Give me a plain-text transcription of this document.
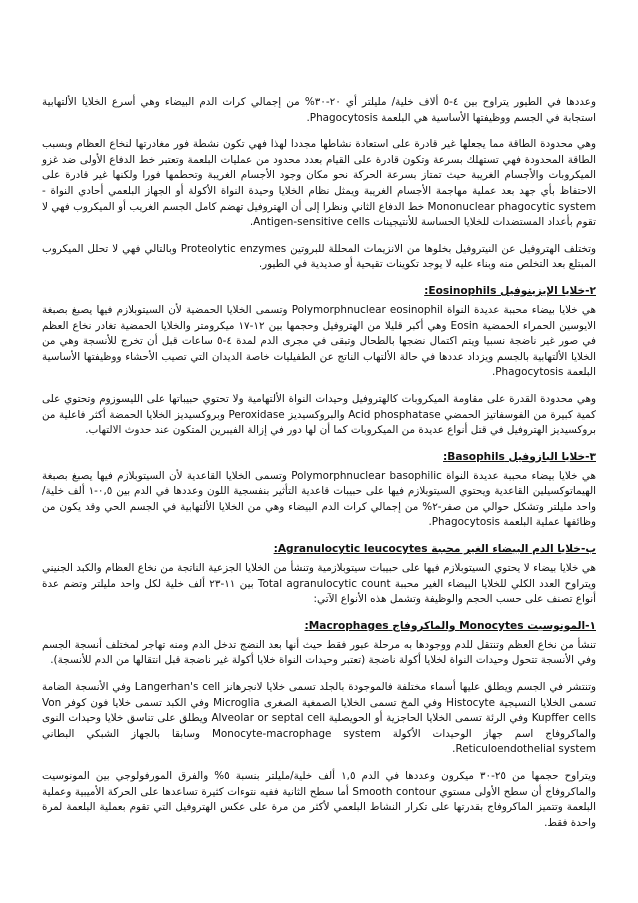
وعددها في الطيور يتراوح بين ٤-٥ ألاف خلية/ مليلتر أي ٢٠-٣٠% من إجمالي كرات الدم البيضاء وهي أسرع الخلايا الألتهابية استجابة في الجسم ووظيفتها الأساسية هي البلعمة Phagocytosis.

وهي محدودة الطاقة مما يجعلها غير قادرة على استعادة نشاطها مجددا لهذا فهي تكون نشطة فور مغادرتها لنخاع العظام وبسبب الطاقة المحدودة فهي تستهلك بسرعة وتكون قادرة على القيام بعدد محدود من عمليات البلعمة وتعتبر خط الدفاع الأولى ضد غزو الميكروبات والأجسام الغريبة حيث تمتاز بسرعة الحركة نحو مكان وجود الأجسام الغريبة وتحطمها فورا ولكنها غير قادرة على الاحتفاظ بأي جهد بعد عملية مهاجمة الأجسام الغريبة ويمثل نظام الخلايا وحيدة النواة الأكولة أو الجهاز البلعمي أحادي النواة -Mononuclear phagocytic system خط الدفاع الثاني ونظرا إلى أن الهتروفيل تهضم كامل الجسم الغريب أو الميكروب فهي لا تقوم بأعداد المستضدات للخلايا الحساسة للأنتيجينات Antigen-sensitive cells.

وتختلف الهتروفيل عن النيتروفيل بخلوها من الانزيمات المحللة للبروتين Proteolytic enzymes وبالتالي فهي لا تحلل الميكروب المبتلع بعد التخلص منه وبناء عليه لا يوجد تكوينات تقيحية أو صديدية في الطيور.

٢-خلايا الإيزينوفيل Eosinophils:

هي خلايا بيضاء محببة عديدة النواة Polymorphnuclear eosinophil وتسمى الخلايا الحمضية لأن السيتوبلازم فيها يصبغ بصبغة الايوسين الحمراء الحمضية Eosin وهي أكبر قليلا من الهتروفيل وحجمها بين ١٢-١٧ ميكرومتر والخلايا الحمضية تغادر نخاع العظم في صور غير ناضجة نسبيا ويتم اكتمال نضجها بالطحال وتبقى في مجرى الدم لمدة ٤-٥ ساعات قبل أن تخرج للأنسجة وهي من الخلايا الألتهابية بالجسم ويزداد عددها في حالة الألتهاب الناتج عن الطفيليات خاصة الديدان التي تصيب الأحشاء ووظيفتها الأساسية البلعمة Phagocytosis.

وهي محدودة القدرة على مقاومة الميكروبات كالهتروفيل وحيدات النواة الألتهامية ولا تحتوي حبيباتها على الليسوزوم وتحتوي على كمية كبيرة من الفوسفاتيز الحمضي Acid phosphatase والبروكسيديز Peroxidase وبروكسيديز الخلايا الحمضة أكثر فاعلية من بروكسيديز الهتروفيل في قتل أنواع عديدة من الميكروبات كما أن لها دور في إزالة الفيبرين المتكون عند حدوث الالتهاب.

٣-خلايا البازوفيل Basophils:

هي خلايا بيضاء محببة عديدة النواة Polymorphnuclear basophilic وتسمى الخلايا القاعدية لأن السيتوبلازم فيها يصبغ بصبغة الهيماتوكسيلين القاعدية ويحتوي السيتوبلازم فيها على حبيبات قاعدية التأثير بنفسجية اللون وعددها في الدم بين ٠,٥-١ ألف خلية/واحد مليلتر وتشكل حوالي من صفر-٢% من إجمالي كرات الدم البيضاء وهي من الخلايا الألتهابية في الجسم الحي وقد يكون من وظائفها عملية البلعمة Phagocytosis.

ب-خلايا الدم البيضاء الغير محببة Agranulocytic leucocytes:

هي خلايا بيضاء لا يحتوي السيتوبلازم فيها على حبيبات سيتوبلازمية وتنشأ من الخلايا الجزعية الناتجة من نخاع العظام والكبد الجنيني ويتراوح العدد الكلي للخلايا البيضاء الغير محببة Total agranulocytic count بين ١١-٢٣ ألف خلية لكل واحد مليلتر وتضم عدة أنواع تصنف على حسب الحجم والوظيفة وتشمل هذه الأنواع الآتي:

١-المونوسيت Monocytes والماكروفاج Macrophages:

تنشأ من نخاع العظم وتنتقل للدم ووجودها به مرحلة عبور فقط حيث أنها بعد النضج تدخل الدم ومنه تهاجر لمختلف أنسجة الجسم وفي الأنسجة تتحول وحيدات النواة لخلايا أكولة ناضجة (تعتبر وحيدات النواة خلايا أكولة غير ناضجة قبل انتقالها من الدم للأنسجة).

وتنتشر في الجسم ويطلق عليها أسماء مختلفة فالموجودة بالجلد تسمى خلايا لانجرهانز Langerhan's cell وفي الأنسجة الضامة تسمى الخلايا النسيجية Histocyte وفي المخ تسمى الخلايا الصمغية الصغرى Microglia وفي الكبد تسمى خلايا فون كوفر Von Kupffer cells وفي الرئة تسمى الخلايا الحاجزية أو الحويصلية Alveolar or septal cell ويطلق على تناسق خلايا وحيدات النوى والماكروفاج اسم جهاز الوحيدات الأكولة Monocyte-macrophage system وسابقا بالجهاز الشبكي البطاني Reticuloendothelial system.

ويتراوح حجمها من ٢٥-٣٠ ميكرون وعددها في الدم ١,٥ ألف خلية/مليلتر بنسبة ٥% والفرق المورفولوجي بين المونوسيت والماكروفاج أن سطح الأولى مستوي Smooth contour أما سطح الثانية ففيه نتوءات كثيرة تساعدها على الحركة الأميبية وعملية البلعمة وتتميز الماكروفاج بقدرتها على تكرار النشاط البلعمي لأكثر من مرة على عكس الهتروفيل التي تقوم بعملية البلعمة لمرة واحدة فقط.
